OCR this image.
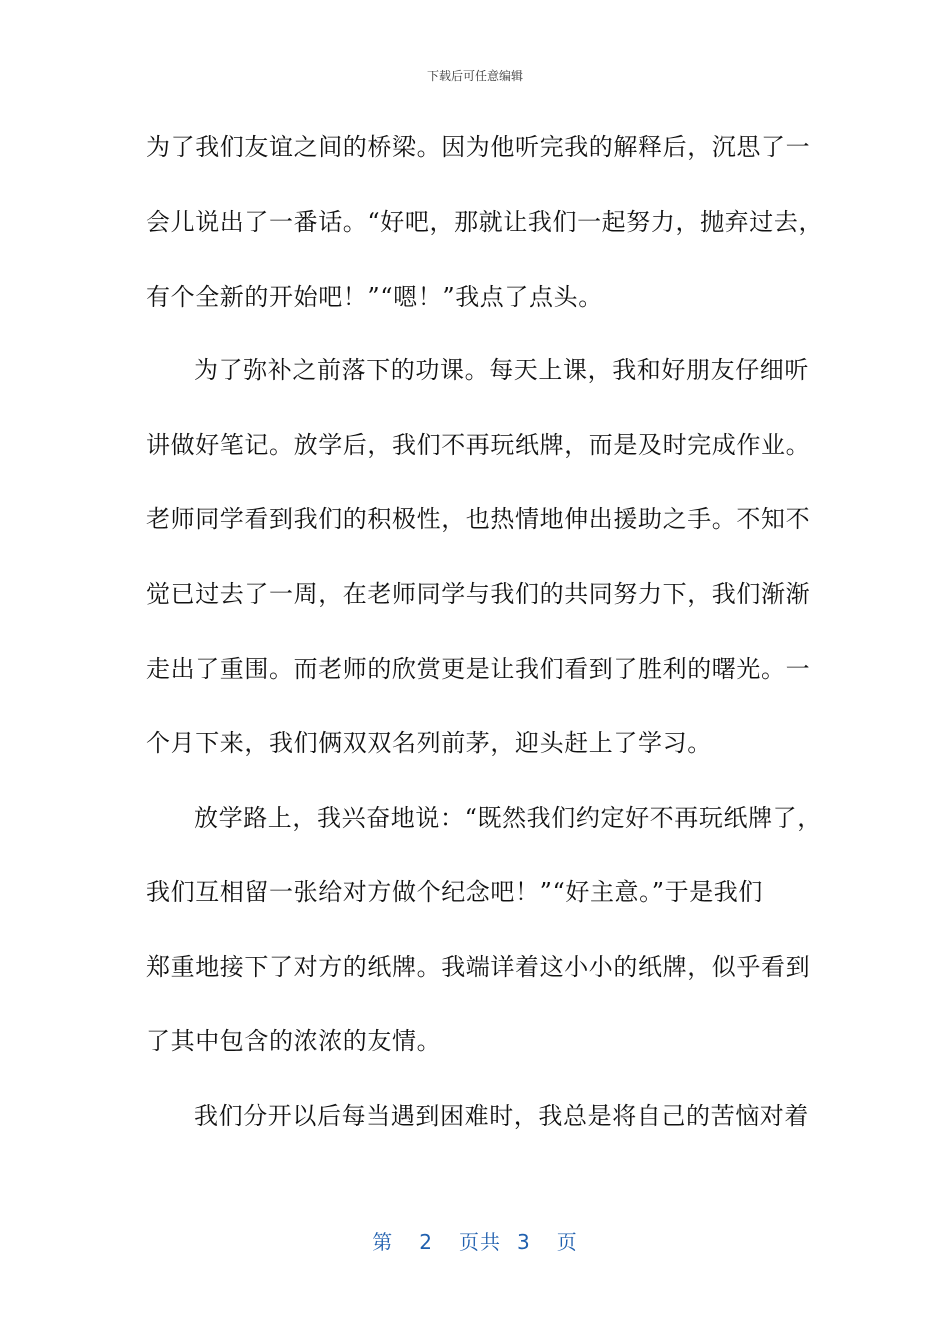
下载后可任意编辑
为了我们友谊之间的桥梁。因为他听完我的解释后，沉思了一
会儿说出了一番话。“好吧，那就让我们一起努力，抛弃过去，
有个全新的开始吧！”“嗯！”我点了点头。
为了弥补之前落下的功课。每天上课，我和好朋友仔细听
讲做好笔记。放学后，我们不再玩纸牌，而是及时完成作业。
老师同学看到我们的积极性，也热情地伸出援助之手。不知不
觉已过去了一周，在老师同学与我们的共同努力下，我们渐渐
走出了重围。而老师的欣赏更是让我们看到了胜利的曙光。一
个月下来，我们俩双双名列前茅，迎头赶上了学习。
放学路上，我兴奋地说：“既然我们约定好不再玩纸牌了，
我们互相留一张给对方做个纪念吧！”“好主意。”于是我们
郑重地接下了对方的纸牌。我端详着这小小的纸牌，似乎看到
了其中包含的浓浓的友情。
我们分开以后每当遇到困难时，我总是将自己的苦恼对着
第 2 页共 3 页
